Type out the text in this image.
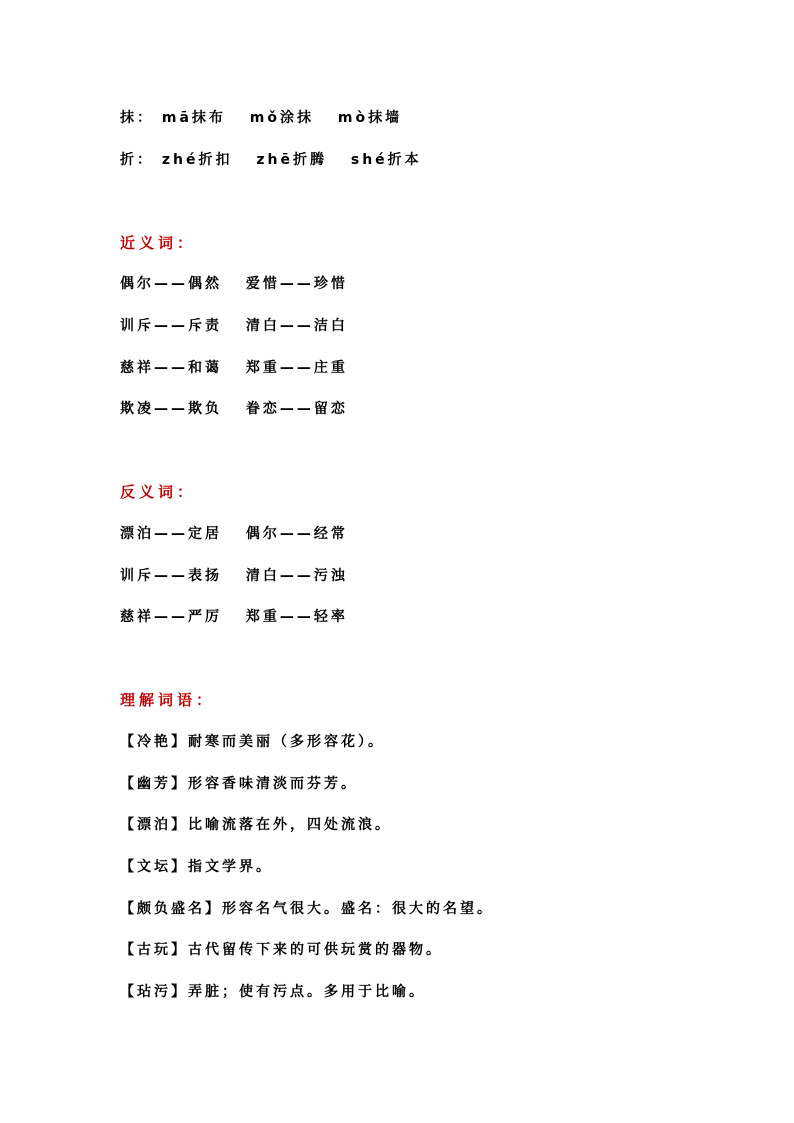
抹： mā抹布 mǒ涂抹 mò抹墙
折： zhé折扣 zhē折腾 shé折本
近义词：
偶尔——偶然 爱惜——珍惜
训斥——斥责 清白——洁白
慈祥——和蔼 郑重——庄重
欺凌——欺负 眷恋——留恋
反义词：
漂泊——定居 偶尔——经常
训斥——表扬 清白——污浊
慈祥——严厉 郑重——轻率
理解词语：
【冷艳】耐寒而美丽（多形容花）。
【幽芳】形容香味清淡而芬芳。
【漂泊】比喻流落在外，四处流浪。
【文坛】指文学界。
【颇负盛名】形容名气很大。盛名：很大的名望。
【古玩】古代留传下来的可供玩赏的器物。
【玷污】弄脏；使有污点。多用于比喻。
